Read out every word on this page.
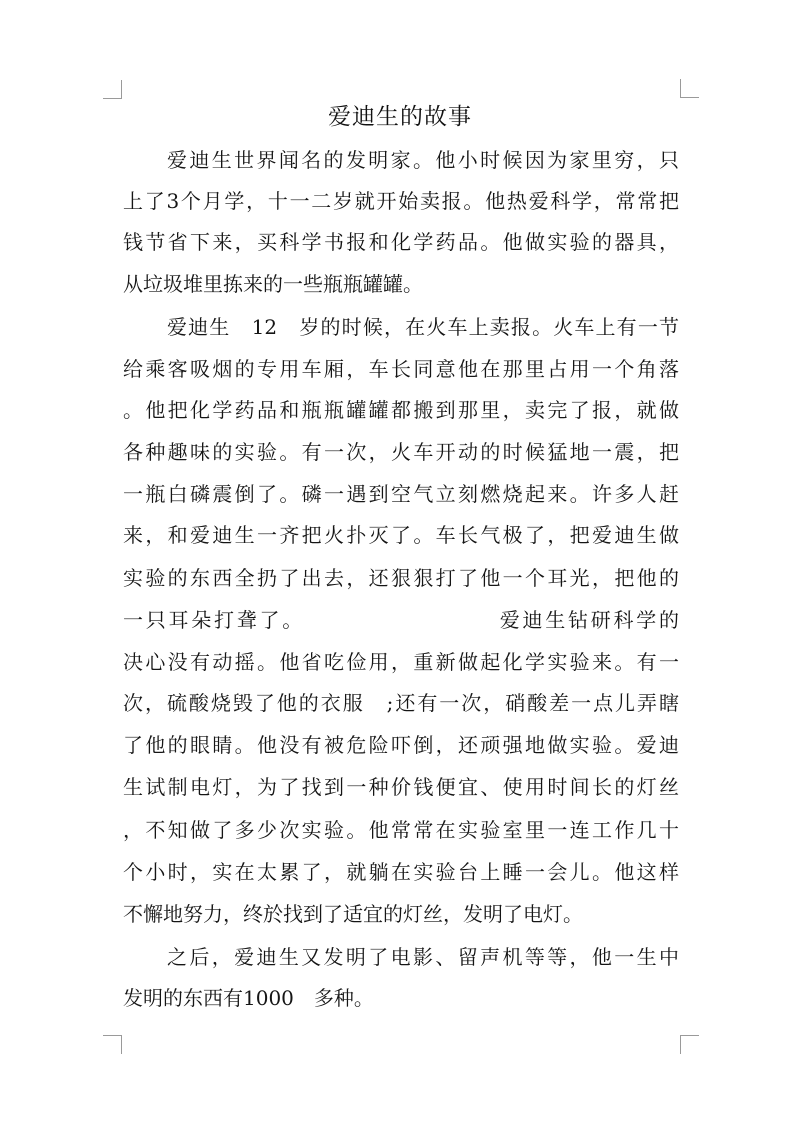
爱迪生的故事
爱迪生世界闻名的发明家。他小时候因为家里穷，只
上了3个月学，十一二岁就开始卖报。他热爱科学，常常把
钱节省下来，买科学书报和化学药品。他做实验的器具，
从垃圾堆里拣来的一些瓶瓶罐罐。
爱迪生　12　岁的时候，在火车上卖报。火车上有一节
给乘客吸烟的专用车厢，车长同意他在那里占用一个角落
。他把化学药品和瓶瓶罐罐都搬到那里，卖完了报，就做
各种趣味的实验。有一次，火车开动的时候猛地一震，把
一瓶白磷震倒了。磷一遇到空气立刻燃烧起来。许多人赶
来，和爱迪生一齐把火扑灭了。车长气极了，把爱迪生做
实验的东西全扔了出去，还狠狠打了他一个耳光，把他的
一只耳朵打聋了。　　　　　　　　　爱迪生钻研科学的
决心没有动摇。他省吃俭用，重新做起化学实验来。有一
次，硫酸烧毁了他的衣服　;还有一次，硝酸差一点儿弄瞎
了他的眼睛。他没有被危险吓倒，还顽强地做实验。爱迪
生试制电灯，为了找到一种价钱便宜、使用时间长的灯丝
，不知做了多少次实验。他常常在实验室里一连工作几十
个小时，实在太累了，就躺在实验台上睡一会儿。他这样
不懈地努力，终於找到了适宜的灯丝，发明了电灯。
之后，爱迪生又发明了电影、留声机等等，他一生中
发明的东西有1000　多种。
